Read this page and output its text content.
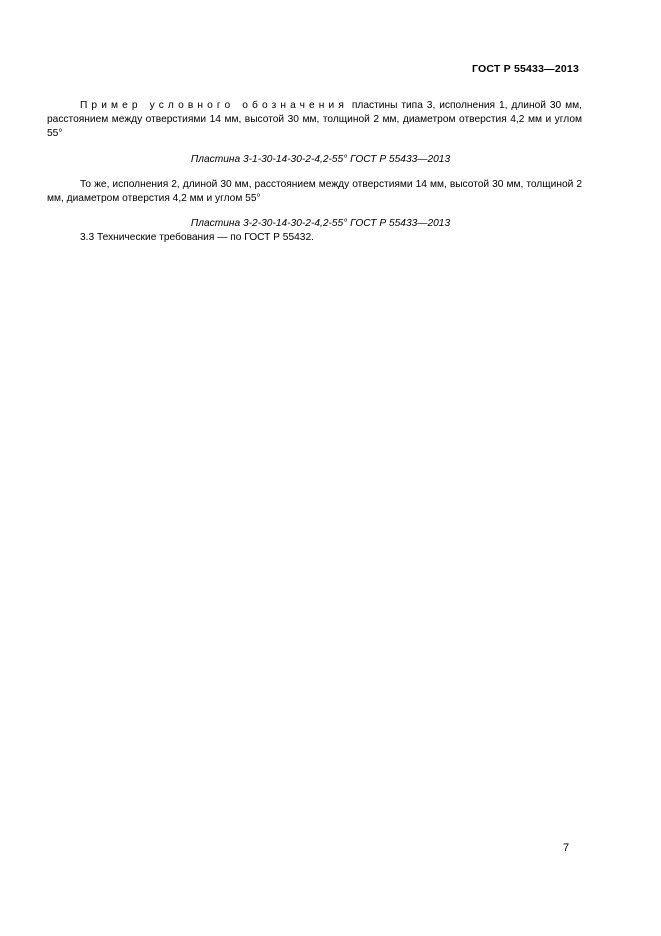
ГОСТ Р 55433—2013

Пример условного обозначения пластины типа 3, исполнения 1, длиной 30 мм, расстоянием между отверстиями 14 мм, высотой 30 мм, толщиной 2 мм, диаметром отверстия 4,2 мм и углом 55°

Пластина 3-1-30-14-30-2-4,2-55° ГОСТ Р 55433—2013

То же, исполнения 2, длиной 30 мм, расстоянием между отверстиями 14 мм, высотой 30 мм, толщиной 2 мм, диаметром отверстия 4,2 мм и углом 55°

Пластина 3-2-30-14-30-2-4,2-55° ГОСТ Р 55433—2013

3.3 Технические требования — по ГОСТ Р 55432.

7
